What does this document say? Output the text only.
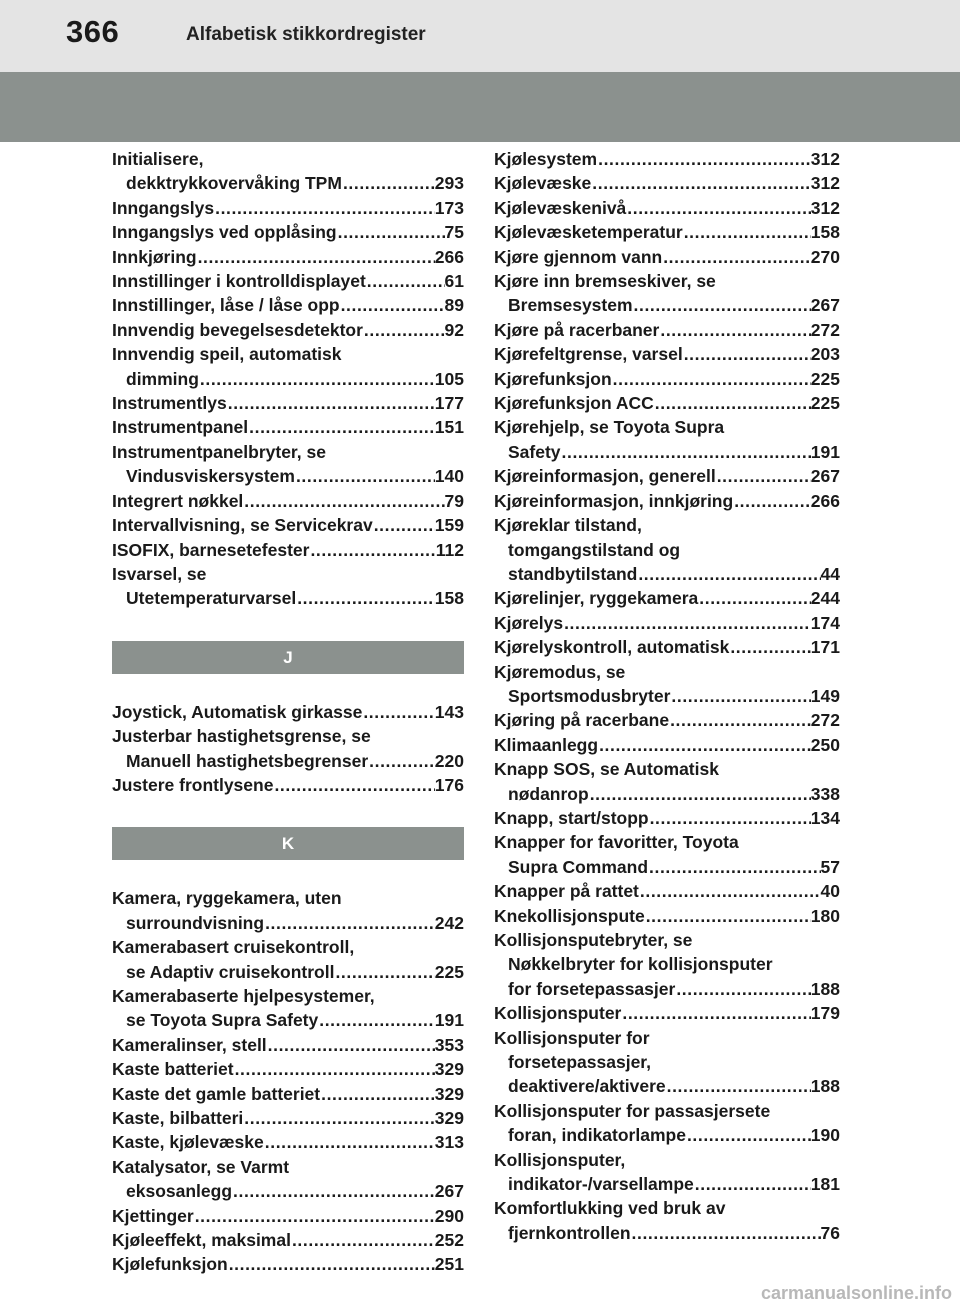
366	Alfabetisk stikkordregister
Initialisere,
dekktrykkovervåking TPM .....	293
Inngangslys .....	173
Inngangslys ved opplåsing .....	75
Innkjøring .....	266
Innstillinger i kontrolldisplayet .....	61
Innstillinger, låse / låse opp .....	89
Innvendig bevegelsesdetektor .....	92
Innvendig speil, automatisk
dimming .....	105
Instrumentlys .....	177
Instrumentpanel .....	151
Instrumentpanelbryter, se
Vindusviskersystem .....	140
Integrert nøkkel .....	79
Intervallvisning, se Servicekrav .....	159
ISOFIX, barnesetefester .....	112
Isvarsel, se
Utetemperaturvarsel .....	158
J
Joystick, Automatisk girkasse .....	143
Justerbar hastighetsgrense, se
Manuell hastighetsbegrenser .....	220
Justere frontlysene .....	176
K
Kamera, ryggekamera, uten
surroundvisning .....	242
Kamerabasert cruisekontroll,
se Adaptiv cruisekontroll .....	225
Kamerabaserte hjelpesystemer,
se Toyota Supra Safety .....	191
Kameralinser, stell .....	353
Kaste batteriet .....	329
Kaste det gamle batteriet .....	329
Kaste, bilbatteri .....	329
Kaste, kjølevæske .....	313
Katalysator, se Varmt
eksosanlegg .....	267
Kjettinger .....	290
Kjøleeffekt, maksimal .....	252
Kjølefunksjon .....	251
Kjølesystem .....	312
Kjølevæske .....	312
Kjølevæskenivå .....	312
Kjølevæsketemperatur .....	158
Kjøre gjennom vann .....	270
Kjøre inn bremseskiver, se
Bremsesystem .....	267
Kjøre på racerbaner .....	272
Kjørefeltgrense, varsel .....	203
Kjørefunksjon .....	225
Kjørefunksjon ACC .....	225
Kjørehjelp, se Toyota Supra
Safety .....	191
Kjøreinformasjon, generell .....	267
Kjøreinformasjon, innkjøring .....	266
Kjøreklar tilstand,
tomgangstilstand og
standbytilstand .....	44
Kjørelinjer, ryggekamera .....	244
Kjørelys .....	174
Kjørelyskontroll, automatisk .....	171
Kjøremodus, se
Sportsmodusbryter .....	149
Kjøring på racerbane .....	272
Klimaanlegg .....	250
Knapp SOS, se Automatisk
nødanrop .....	338
Knapp, start/stopp .....	134
Knapper for favoritter, Toyota
Supra Command .....	57
Knapper på rattet .....	40
Knekollisjonspute .....	180
Kollisjonsputebryter, se
Nøkkelbryter for kollisjonsputer
for forsetepassasjer .....	188
Kollisjonsputer .....	179
Kollisjonsputer for
forsetepassasjer,
deaktivere/aktivere .....	188
Kollisjonsputer for passasjersete
foran, indikatorlampe .....	190
Kollisjonsputer,
indikator-/varsellampe .....	181
Komfortlukking ved bruk av
fjernkontrollen .....	76
carmanualsonline.info
